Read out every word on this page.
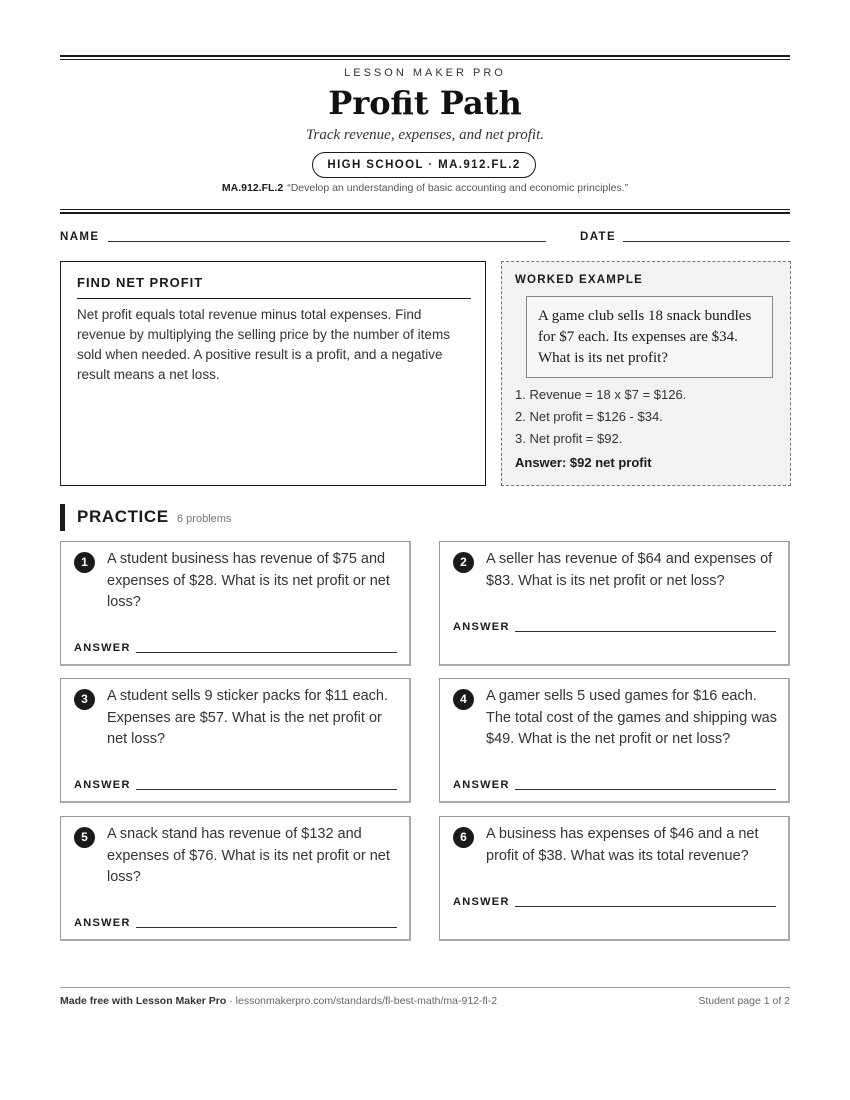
LESSON MAKER PRO
Profit Path
Track revenue, expenses, and net profit.
HIGH SCHOOL · MA.912.FL.2
MA.912.FL.2 “Develop an understanding of basic accounting and economic principles.”
NAME	DATE
FIND NET PROFIT
Net profit equals total revenue minus total expenses. Find revenue by multiplying the selling price by the number of items sold when needed. A positive result is a profit, and a negative result means a net loss.
WORKED EXAMPLE
A game club sells 18 snack bundles for $7 each. Its expenses are $34. What is its net profit?
1. Revenue = 18 x $7 = $126.
2. Net profit = $126 - $34.
3. Net profit = $92.
Answer: $92 net profit
PRACTICE 6 problems
1	A student business has revenue of $75 and expenses of $28. What is its net profit or net loss?
ANSWER
2	A seller has revenue of $64 and expenses of $83. What is its net profit or net loss?
ANSWER
3	A student sells 9 sticker packs for $11 each. Expenses are $57. What is the net profit or net loss?
ANSWER
4	A gamer sells 5 used games for $16 each. The total cost of the games and shipping was $49. What is the net profit or net loss?
ANSWER
5	A snack stand has revenue of $132 and expenses of $76. What is its net profit or net loss?
ANSWER
6	A business has expenses of $46 and a net profit of $38. What was its total revenue?
ANSWER
Made free with Lesson Maker Pro · lessonmakerpro.com/standards/fl-best-math/ma-912-fl-2	Student page 1 of 2
